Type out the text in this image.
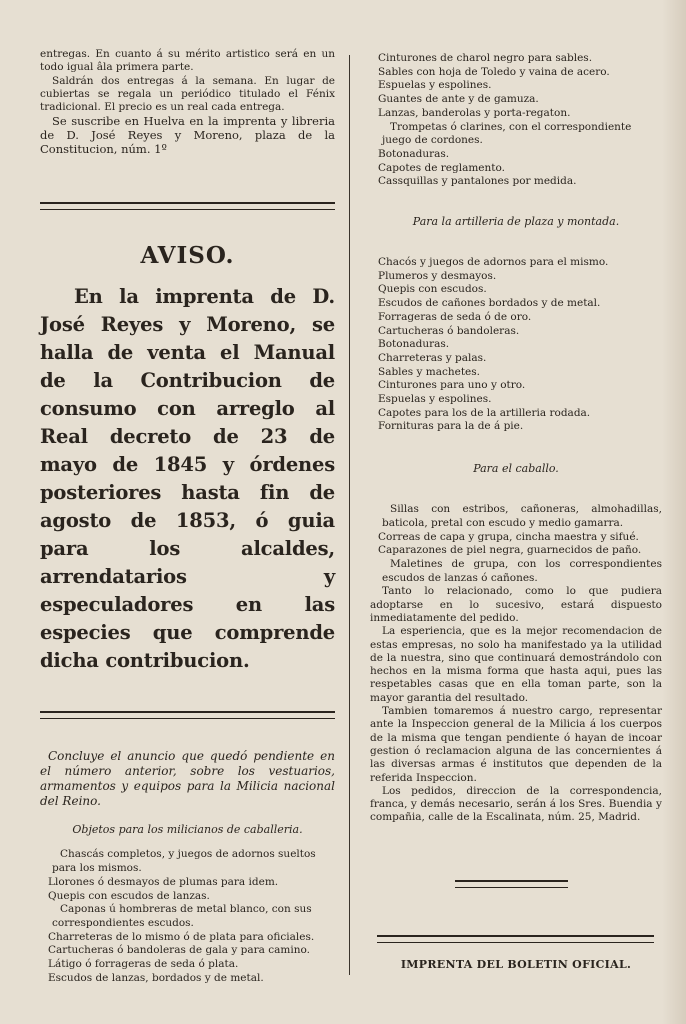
entregas. En cuanto á su mérito artistico será en un todo igual âla primera parte.

Saldrán dos entregas á la semana. En lugar de cubiertas se regala un periódico titulado el Fénix tradicional. El precio es un real cada entrega.

Se suscribe en Huelva en la imprenta y libreria de D. José Reyes y Moreno, plaza de la Constitucion, núm. 1º

AVISO.

En la imprenta de D. José Reyes y Moreno, se halla de venta el Manual de la Contribucion de consumo con arreglo al Real decreto de 23 de mayo de 1845 y órdenes posteriores hasta fin de agosto de 1853, ó guia para los alcaldes, arrendatarios y especuladores en las especies que comprende dicha contribucion.

Concluye el anuncio que quedó pendiente en el número anterior, sobre los vestuarios, armamentos y equipos para la Milicia nacional del Reino.

Objetos para los milicianos de caballeria.

Chascás completos, y juegos de adornos sueltos para los mismos.

Llorones ó desmayos de plumas para idem.

Quepis con escudos de lanzas.

Caponas ú hombreras de metal blanco, con sus correspondientes escudos.

Charreteras de lo mismo ó de plata para oficiales.

Cartucheras ó bandoleras de gala y para camino.

Látigo ó forrageras de seda ó plata.

Escudos de lanzas, bordados y de metal.

Cinturones de charol negro para sables.

Sables con hoja de Toledo y vaina de acero.

Espuelas y espolines.

Guantes de ante y de gamuza.

Lanzas, banderolas y porta-regaton.

Trompetas ó clarines, con el correspondiente juego de cordones.

Botonaduras.

Capotes de reglamento.

Cassquillas y pantalones por medida.

Para la artilleria de plaza y montada.

Chacós y juegos de adornos para el mismo.

Plumeros y desmayos.

Quepis con escudos.

Escudos de cañones bordados y de metal.

Forrageras de seda ó de oro.

Cartucheras ó bandoleras.

Botonaduras.

Charreteras y palas.

Sables y machetes.

Cinturones para uno y otro.

Espuelas y espolines.

Capotes para los de la artilleria rodada.

Fornituras para la de á pie.

Para el caballo.

Sillas con estribos, cañoneras, almohadillas, baticola, pretal con escudo y medio gamarra.

Correas de capa y grupa, cincha maestra y sifué.

Caparazones de piel negra, guarnecidos de paño.

Maletines de grupa, con los correspondientes escudos de lanzas ó cañones.

Tanto lo relacionado, como lo que pudiera adoptarse en lo sucesivo, estará dispuesto inmediatamente del pedido.

La esperiencia, que es la mejor recomendacion de estas empresas, no solo ha manifestado ya la utilidad de la nuestra, sino que continuará demostrándolo con hechos en la misma forma que hasta aqui, pues las respetables casas que en ella toman parte, son la mayor garantia del resultado.

Tambien tomaremos á nuestro cargo, representar ante la Inspeccion general de la Milicia á los cuerpos de la misma que tengan pendiente ó hayan de incoar gestion ó reclamacion alguna de las concernientes á las diversas armas é institutos que dependen de la referida Inspeccion.

Los pedidos, direccion de la correspondencia, franca, y demás necesario, serán á los Sres. Buendia y compañia, calle de la Escalinata, núm. 25, Madrid.

IMPRENTA DEL BOLETIN OFICIAL.
